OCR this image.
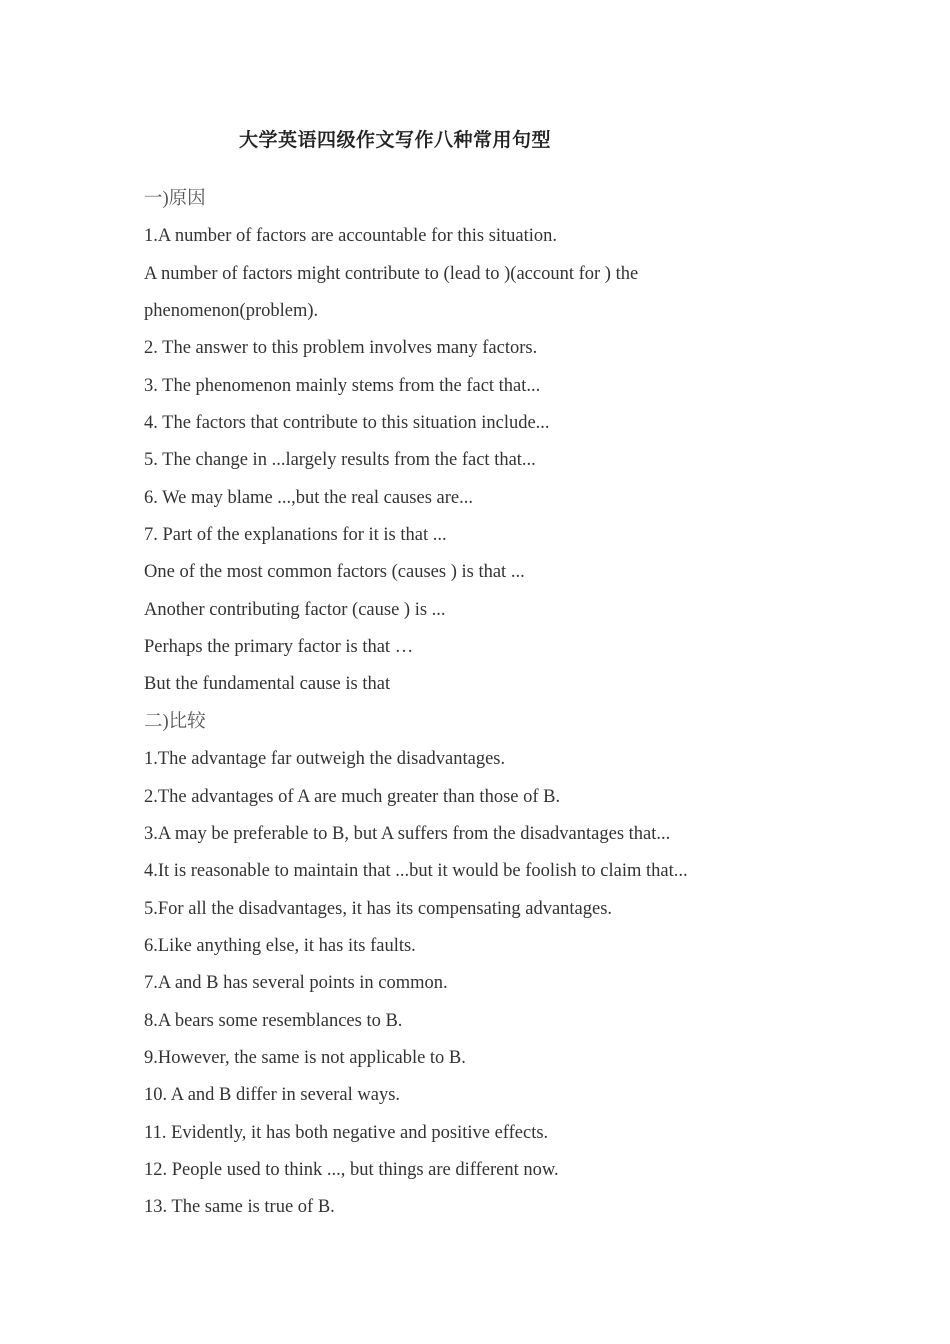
大学英语四级作文写作八种常用句型
一)原因
1.A number of factors are accountable for this situation.
A number of factors might contribute to (lead to )(account for ) the
phenomenon(problem).
2. The answer to this problem involves many factors.
3. The phenomenon mainly stems from the fact that...
4. The factors that contribute to this situation include...
5. The change in ...largely results from the fact that...
6. We may blame ...,but the real causes are...
7. Part of the explanations for it is that ...
One of the most common factors (causes ) is that ...
Another contributing factor (cause ) is ...
Perhaps the primary factor is that …
But the fundamental cause is that
二)比较
1.The advantage far outweigh the disadvantages.
2.The advantages of A are much greater than those of B.
3.A may be preferable to B, but A suffers from the disadvantages that...
4.It is reasonable to maintain that ...but it would be foolish to claim that...
5.For all the disadvantages, it has its compensating advantages.
6.Like anything else, it has its faults.
7.A and B has several points in common.
8.A bears some resemblances to B.
9.However, the same is not applicable to B.
10. A and B differ in several ways.
11. Evidently, it has both negative and positive effects.
12. People used to think ..., but things are different now.
13. The same is true of B.
